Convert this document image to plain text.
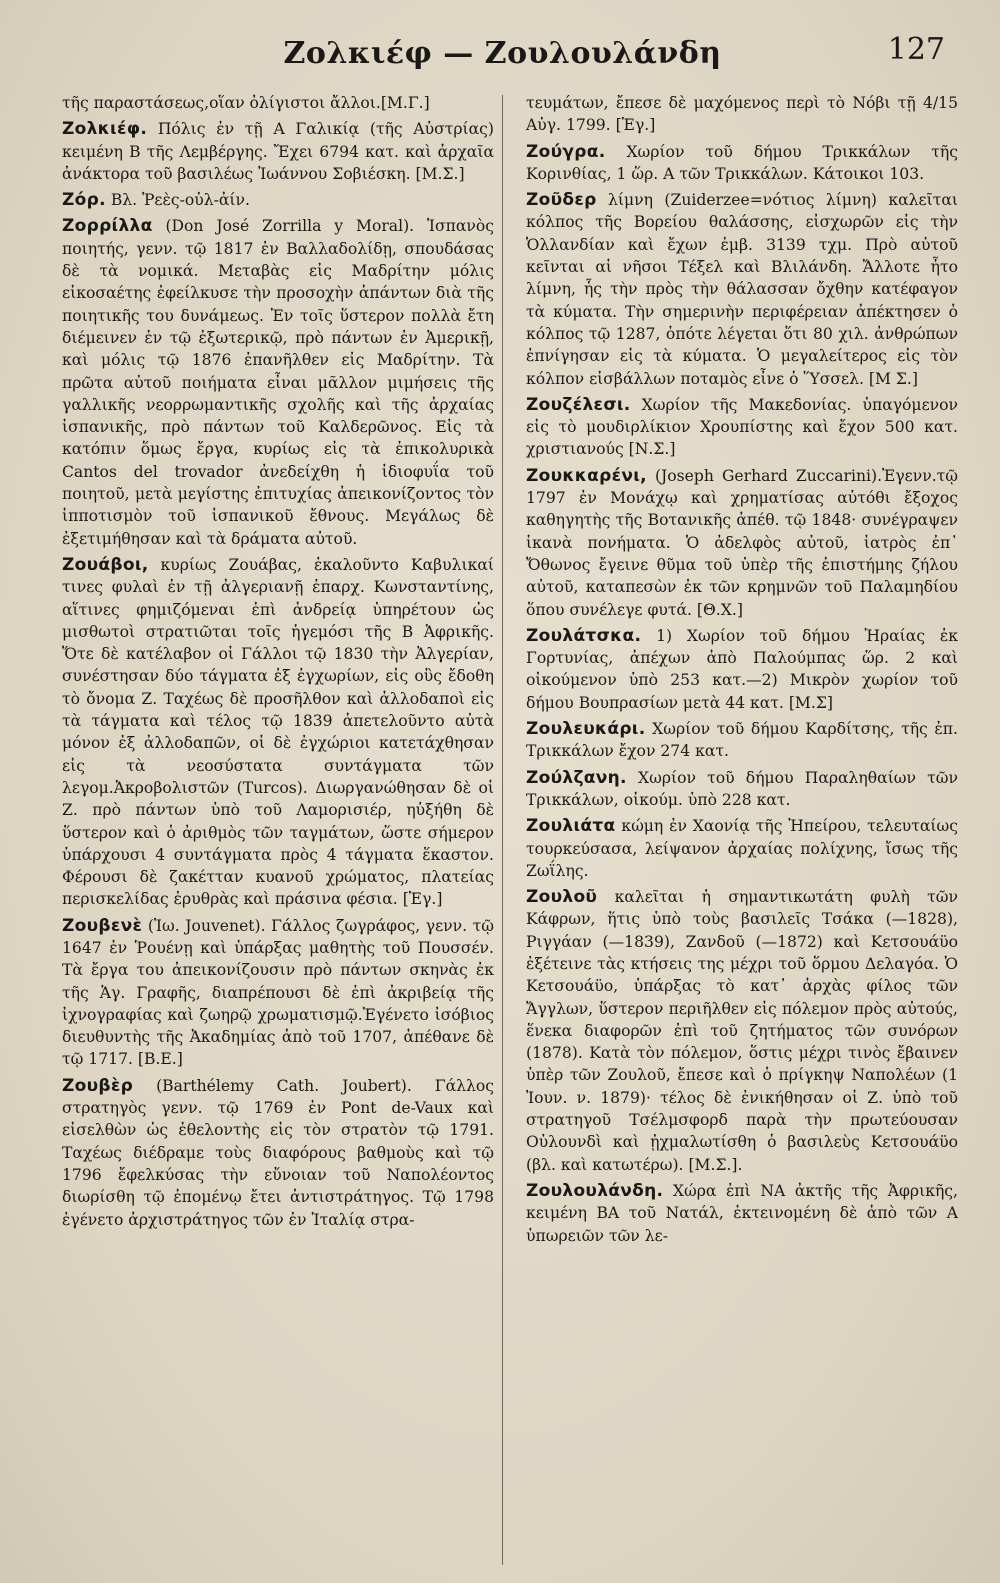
Ζολκιέφ — Ζουλουλάνδη	127

τῆς παραστάσεως,οἵαν ὀλίγιστοι ἄλλοι.[Μ.Γ.]

Ζολκιέφ. Πόλις ἐν τῇ Α Γαλικίᾳ (τῆς Αὐστρίας) κειμένη Β τῆς Λεμβέργης. Ἔχει 6794 κατ. καὶ ἀρχαῖα ἀνάκτορα τοῦ βασιλέως Ἰωάννου Σοβιέσκη. [Μ.Σ.]

Ζόρ. Βλ. Ῥεὲς-οὐλ-ἀίν.

Ζορρίλλα (Don José Zorrilla y Moral). Ἱσπανὸς ποιητής, γενν. τῷ 1817 ἐν Βαλλαδολίδῃ, σπουδάσας δὲ τὰ νομικά. Μεταβὰς εἰς Μαδρίτην μόλις εἰκοσαέτης ἐφείλκυσε τὴν προσοχὴν ἁπάντων διὰ τῆς ποιητικῆς του δυνάμεως. Ἐν τοῖς ὕστερον πολλὰ ἔτη διέμεινεν ἐν τῷ ἐξωτερικῷ, πρὸ πάντων ἐν Ἀμερικῇ, καὶ μόλις τῷ 1876 ἐπανῆλθεν εἰς Μαδρίτην. Τὰ πρῶτα αὐτοῦ ποιήματα εἶναι μᾶλλον μιμήσεις τῆς γαλλικῆς νεορρωμαντικῆς σχολῆς καὶ τῆς ἀρχαίας ἱσπανικῆς, πρὸ πάντων τοῦ Καλδερῶνος. Εἰς τὰ κατόπιν ὅμως ἔργα, κυρίως εἰς τὰ ἐπικολυρικὰ Cantos del trovador ἀνεδείχθη ἡ ἰδιοφυΐα τοῦ ποιητοῦ, μετὰ μεγίστης ἐπιτυχίας ἀπεικονίζοντος τὸν ἱπποτισμὸν τοῦ ἱσπανικοῦ ἔθνους. Μεγάλως δὲ ἐξετιμήθησαν καὶ τὰ δράματα αὐτοῦ.

Ζουάβοι, κυρίως Ζουάβας, ἐκαλοῦντο Καβυλικαί τινες φυλαὶ ἐν τῇ ἀλγεριανῇ ἐπαρχ. Κωνσταντίνης, αἵτινες φημιζόμεναι ἐπὶ ἀνδρείᾳ ὑπηρέτουν ὡς μισθωτοὶ στρατιῶται τοῖς ἡγεμόσι τῆς Β Ἀφρικῆς. Ὅτε δὲ κατέλαβον οἱ Γάλλοι τῷ 1830 τὴν Ἀλγερίαν, συνέστησαν δύο τάγματα ἐξ ἐγχωρίων, εἰς οὓς ἔδοθη τὸ ὄνομα Ζ. Ταχέως δὲ προσῆλθον καὶ ἀλλοδαποὶ εἰς τὰ τάγματα καὶ τέλος τῷ 1839 ἀπετελοῦντο αὐτὰ μόνον ἐξ ἀλλοδαπῶν, οἱ δὲ ἐγχώριοι κατετάχθησαν εἰς τὰ νεοσύστατα συντάγματα τῶν λεγομ.Ἀκροβολιστῶν (Turcos). Διωργανώθησαν δὲ οἱ Ζ. πρὸ πάντων ὑπὸ τοῦ Λαμορισιέρ, ηὐξήθη δὲ ὕστερον καὶ ὁ ἀριθμὸς τῶν ταγμάτων, ὥστε σήμερον ὑπάρχουσι 4 συντάγματα πρὸς 4 τάγματα ἕκαστον. Φέρουσι δὲ ζακέτταν κυανοῦ χρώματος, πλατείας περισκελίδας ἐρυθρὰς καὶ πράσινα φέσια. [Ἐγ.]

Ζουβενὲ (Ἰω. Jouvenet). Γάλλος ζωγράφος, γενν. τῷ 1647 ἐν Ῥουένῃ καὶ ὑπάρξας μαθητὴς τοῦ Πουσσέν. Τὰ ἔργα του ἀπεικονίζουσιν πρὸ πάντων σκηνὰς ἐκ τῆς Ἁγ. Γραφῆς, διαπρέπουσι δὲ ἐπὶ ἀκριβείᾳ τῆς ἰχνογραφίας καὶ ζωηρῷ χρωματισμῷ.Ἐγένετο ἰσόβιος διευθυντὴς τῆς Ἀκαδημίας ἀπὸ τοῦ 1707, ἀπέθανε δὲ τῷ 1717. [Β.Ε.]

Ζουβὲρ (Barthélemy Cath. Joubert). Γάλλος στρατηγὸς γενν. τῷ 1769 ἐν Pont de-Vaux καὶ εἰσελθὼν ὡς ἐθελοντὴς εἰς τὸν στρατὸν τῷ 1791. Ταχέως διέδραμε τοὺς διαφόρους βαθμοὺς καὶ τῷ 1796 ἔφελκύσας τὴν εὔνοιαν τοῦ Ναπολέοντος διωρίσθη τῷ ἐπομένῳ ἔτει ἀντιστράτηγος. Τῷ 1798 ἐγένετο ἀρχιστράτηγος τῶν ἐν Ἰταλίᾳ στρα-

τευμάτων, ἔπεσε δὲ μαχόμενος περὶ τὸ Νόβι τῇ 4/15 Αὐγ. 1799. [Ἐγ.]

Ζούγρα. Χωρίον τοῦ δήμου Τρικκάλων τῆς Κορινθίας, 1 ὥρ. Α τῶν Τρικκάλων. Κάτοικοι 103.

Ζοῦδερ λίμνη (Zuiderzee=νότιος λίμνη) καλεῖται κόλπος τῆς Βορείου θαλάσσης, εἰσχωρῶν εἰς τὴν Ὁλλανδίαν καὶ ἔχων ἐμβ. 3139 τχμ. Πρὸ αὐτοῦ κεῖνται αἱ νῆσοι Τέξελ καὶ Βλιλάνδη. Ἄλλοτε ἦτο λίμνη, ἧς τὴν πρὸς τὴν θάλασσαν ὄχθην κατέφαγον τὰ κύματα. Τὴν σημερινὴν περιφέρειαν ἀπέκτησεν ὁ κόλπος τῷ 1287, ὁπότε λέγεται ὅτι 80 χιλ. ἀνθρώπων ἐπνίγησαν εἰς τὰ κύματα. Ὁ μεγαλείτερος εἰς τὸν κόλπον εἰσβάλλων ποταμὸς εἶνε ὁ Ὕσσελ. [Μ Σ.]

Ζουζέλεσι. Χωρίον τῆς Μακεδονίας. ὑπαγόμενον εἰς τὸ μουδιρλίκιον Χρουπίστης καὶ ἔχον 500 κατ. χριστιανούς [Ν.Σ.]

Ζουκκαρένι, (Joseph Gerhard Zuccarini).Ἐγενν.τῷ 1797 ἐν Μονάχῳ καὶ χρηματίσας αὐτόθι ἔξοχος καθηγητὴς τῆς Βοτανικῆς ἀπέθ. τῷ 1848· συνέγραψεν ἱκανὰ πονήματα. Ὁ ἀδελφὸς αὐτοῦ, ἰατρὸς ἐπ᾽ Ὄθωνος ἔγεινε θῦμα τοῦ ὑπὲρ τῆς ἐπιστήμης ζήλου αὐτοῦ, καταπεσὼν ἐκ τῶν κρημνῶν τοῦ Παλαμηδίου ὅπου συνέλεγε φυτά. [Θ.Χ.]

Ζουλάτσκα. 1) Χωρίον τοῦ δήμου Ἡραίας ἐκ Γορτυνίας, ἀπέχων ἀπὸ Παλούμπας ὥρ. 2 καὶ οἰκούμενον ὑπὸ 253 κατ.—2) Μικρὸν χωρίον τοῦ δήμου Βουπρασίων μετὰ 44 κατ. [Μ.Σ]

Ζουλευκάρι. Χωρίον τοῦ δήμου Καρδίτσης, τῆς ἐπ. Τρικκάλων ἔχον 274 κατ.

Ζούλζανη. Χωρίον τοῦ δήμου Παραληθαίων τῶν Τρικκάλων, οἰκούμ. ὑπὸ 228 κατ.

Ζουλιάτα κώμη ἐν Χαονίᾳ τῆς Ἠπείρου, τελευταίως τουρκεύσασα, λείψανον ἀρχαίας πολίχνης, ἴσως τῆς Ζωΐλης.

Ζουλοῦ καλεῖται ἡ σημαντικωτάτη φυλὴ τῶν Κάφρων, ἥτις ὑπὸ τοὺς βασιλεῖς Τσάκα (—1828), Ριγγάαν (—1839), Ζανδοῦ (—1872) καὶ Κετσουάϋο ἐξέτεινε τὰς κτήσεις της μέχρι τοῦ ὅρμου Δελαγόα. Ὁ Κετσουάϋο, ὑπάρξας τὸ κατ᾽ ἀρχὰς φίλος τῶν Ἄγγλων, ὕστερον περιῆλθεν εἰς πόλεμον πρὸς αὐτούς, ἕνεκα διαφορῶν ἐπὶ τοῦ ζητήματος τῶν συνόρων (1878). Κατὰ τὸν πόλεμον, ὅστις μέχρι τινὸς ἔβαινεν ὑπὲρ τῶν Ζουλοῦ, ἔπεσε καὶ ὁ πρίγκηψ Ναπολέων (1 Ἰουν. ν. 1879)· τέλος δὲ ἐνικήθησαν οἱ Ζ. ὑπὸ τοῦ στρατηγοῦ Τσέλμσφορδ παρὰ τὴν πρωτεύουσαν Οὐλουνδὶ καὶ ᾐχμαλωτίσθη ὁ βασιλεὺς Κετσουάϋο (βλ. καὶ κατωτέρω). [Μ.Σ.].

Ζουλουλάνδη. Χώρα ἐπὶ ΝΑ ἀκτῆς τῆς Ἀφρικῆς, κειμένη ΒΑ τοῦ Νατάλ, ἐκτεινομένη δὲ ἀπὸ τῶν Α ὑπωρειῶν τῶν λε-
